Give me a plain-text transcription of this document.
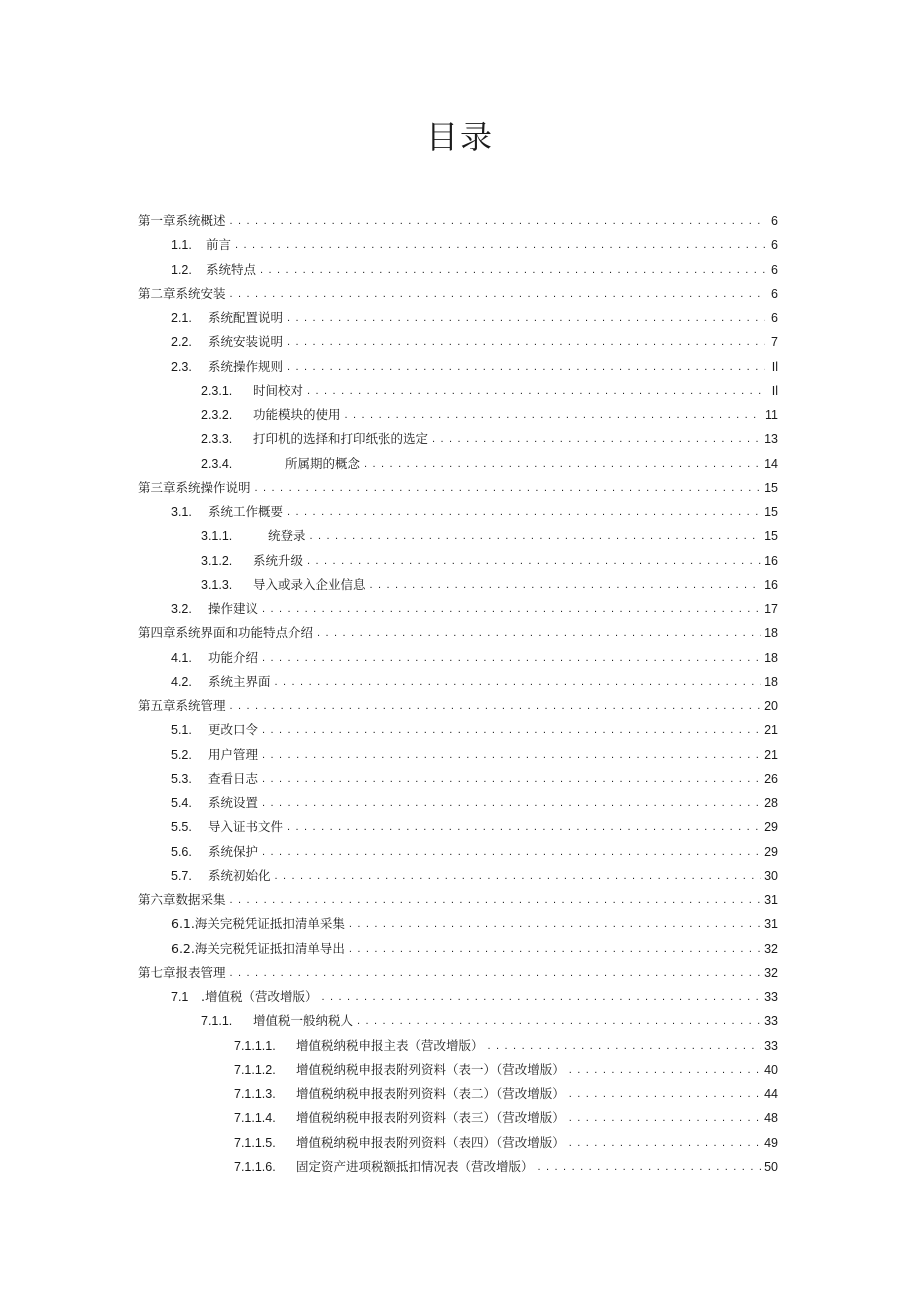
目录
第一章系统概述 . . .	6
1.1.	前言 . . .	6
1.2.	系统特点 . . .	6
第二章系统安装 . . .	6
2.1.	系统配置说明 . . .	6
2.2.	系统安装说明 . . .	7
2.3.	系统操作规则 . . .	Il
2.3.1.	时间校对 . . .	Il
2.3.2.	功能模块的使用 . . .	11
2.3.3.	打印机的选择和打印纸张的选定 . . .	13
2.3.4.	所属期的概念 . . .	14
第三章系统操作说明 . . .	15
3.1.	系统工作概要 . . .	15
3.1.1.	统登录 . . .	15
3.1.2.	系统升级 . . .	16
3.1.3.	导入或录入企业信息 . . .	16
3.2.	操作建议 . . .	17
第四章系统界面和功能特点介绍 . . .	18
4.1.	功能介绍 . . .	18
4.2.	系统主界面 . . .	18
第五章系统管理 . . .	20
5.1.	更改口令 . . .	21
5.2.	用户管理 . . .	21
5.3.	查看日志 . . .	26
5.4.	系统设置 . . .	28
5.5.	导入证书文件 . . .	29
5.6.	系统保护 . . .	29
5.7.	系统初始化 . . .	30
第六章数据采集 . . .	31
6.1.海关完税凭证抵扣清单采集 . . .	31
6.2.海关完税凭证抵扣清单导出 . . .	32
第七章报表管理 . . .	32
7.1	.增值税（营改增版） . . .	33
7.1.1.	增值税一般纳税人 . . .	33
7.1.1.1.	增值税纳税申报主表（营改增版） . . .	33
7.1.1.2.	增值税纳税申报表附列资料（表一）（营改增版） . . .	40
7.1.1.3.	增值税纳税申报表附列资料（表二）（营改增版） . . .	44
7.1.1.4.	增值税纳税申报表附列资料（表三）（营改增版） . . .	48
7.1.1.5.	增值税纳税申报表附列资料（表四）（营改增版） . . .	49
7.1.1.6.	固定资产进项税额抵扣情况表（营改增版） . . .	50
